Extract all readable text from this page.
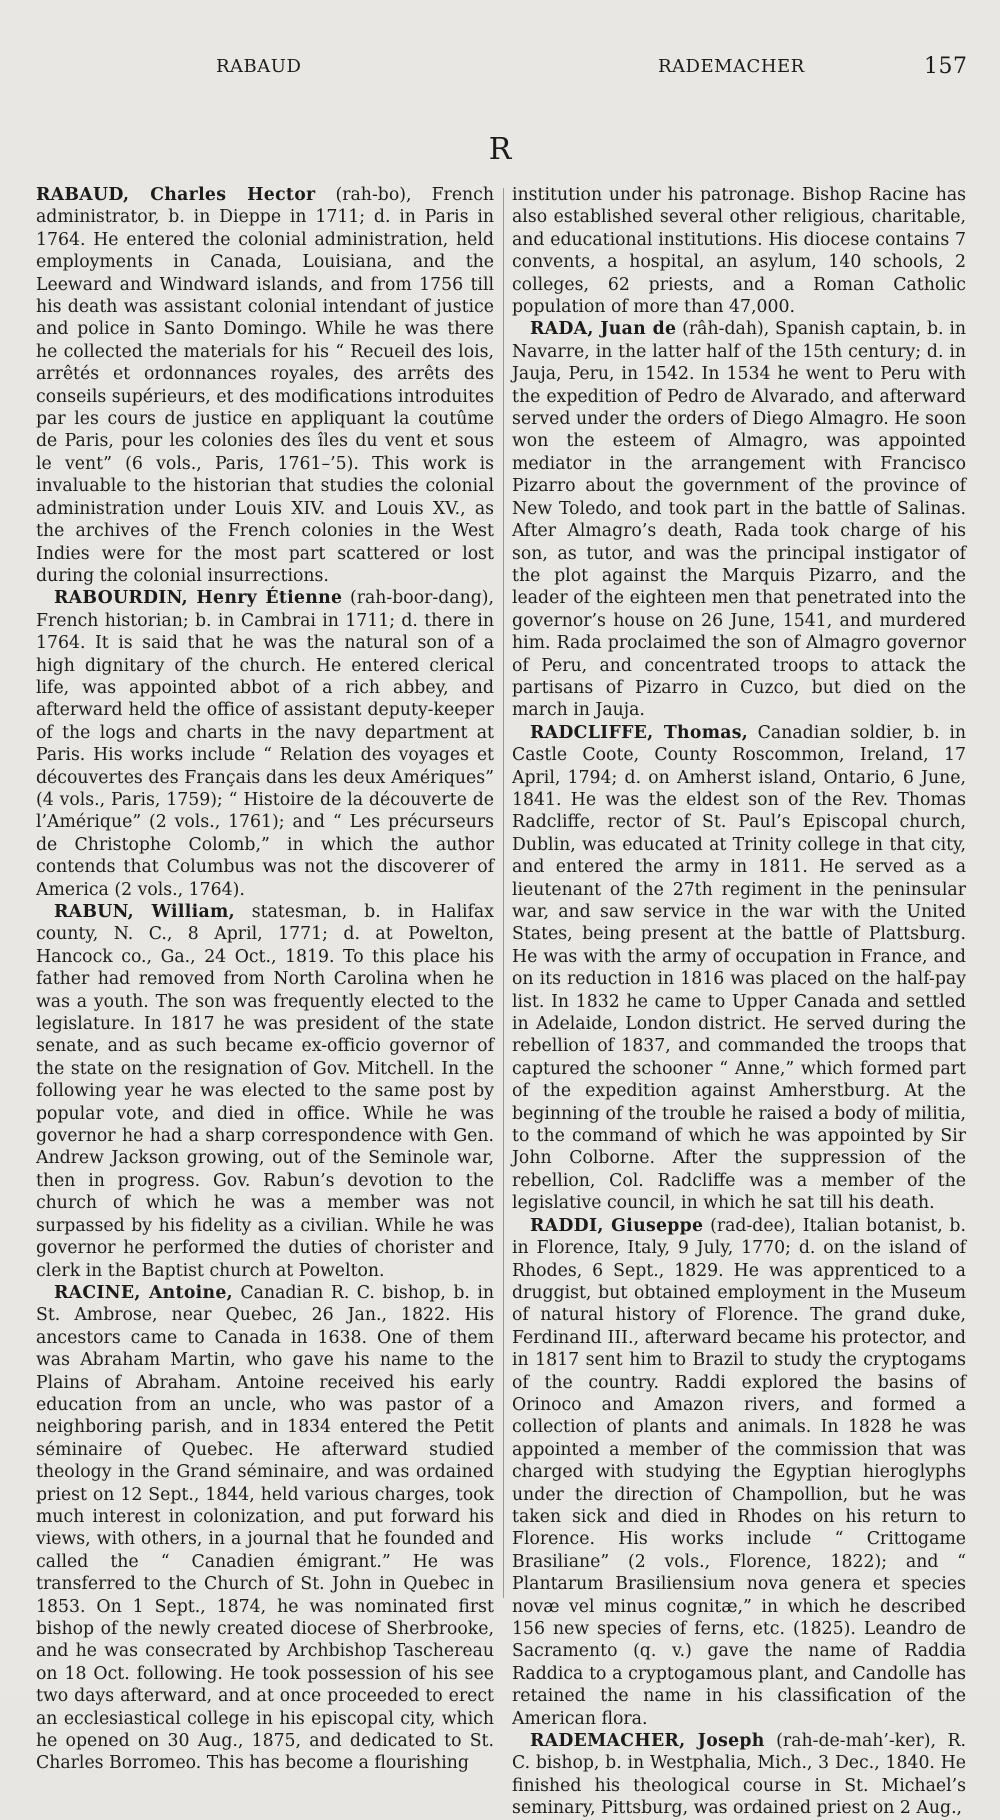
RABAUD	RADEMACHER	157
R

RABAUD, Charles Hector (rah-bo), French administrator, b. in Dieppe in 1711; d. in Paris in 1764. He entered the colonial administration, held employments in Canada, Louisiana, and the Leeward and Windward islands, and from 1756 till his death was assistant colonial intendant of justice and police in Santo Domingo. While he was there he collected the materials for his “ Recueil des lois, arrêtés et ordonnances royales, des arrêts des conseils supérieurs, et des modifications introduites par les cours de justice en appliquant la coutûme de Paris, pour les colonies des îles du vent et sous le vent” (6 vols., Paris, 1761–’5). This work is invaluable to the historian that studies the colonial administration under Louis XIV. and Louis XV., as the archives of the French colonies in the West Indies were for the most part scattered or lost during the colonial insurrections.

RABOURDIN, Henry Étienne (rah-boor-dang), French historian; b. in Cambrai in 1711; d. there in 1764. It is said that he was the natural son of a high dignitary of the church. He entered clerical life, was appointed abbot of a rich abbey, and afterward held the office of assistant deputy-keeper of the logs and charts in the navy department at Paris. His works include “ Relation des voyages et découvertes des Français dans les deux Amériques” (4 vols., Paris, 1759); “ Histoire de la découverte de l’Amérique” (2 vols., 1761); and “ Les précurseurs de Christophe Colomb,” in which the author contends that Columbus was not the discoverer of America (2 vols., 1764).

RABUN, William, statesman, b. in Halifax county, N. C., 8 April, 1771; d. at Powelton, Hancock co., Ga., 24 Oct., 1819. To this place his father had removed from North Carolina when he was a youth. The son was frequently elected to the legislature. In 1817 he was president of the state senate, and as such became ex-officio governor of the state on the resignation of Gov. Mitchell. In the following year he was elected to the same post by popular vote, and died in office. While he was governor he had a sharp correspondence with Gen. Andrew Jackson growing, out of the Seminole war, then in progress. Gov. Rabun’s devotion to the church of which he was a member was not surpassed by his fidelity as a civilian. While he was governor he performed the duties of chorister and clerk in the Baptist church at Powelton.

RACINE, Antoine, Canadian R. C. bishop, b. in St. Ambrose, near Quebec, 26 Jan., 1822. His ancestors came to Canada in 1638. One of them was Abraham Martin, who gave his name to the Plains of Abraham. Antoine received his early education from an uncle, who was pastor of a neighboring parish, and in 1834 entered the Petit séminaire of Quebec. He afterward studied theology in the Grand séminaire, and was ordained priest on 12 Sept., 1844, held various charges, took much interest in colonization, and put forward his views, with others, in a journal that he founded and called the “ Canadien émigrant.” He was transferred to the Church of St. John in Quebec in 1853. On 1 Sept., 1874, he was nominated first bishop of the newly created diocese of Sherbrooke, and he was consecrated by Archbishop Taschereau on 18 Oct. following. He took possession of his see two days afterward, and at once proceeded to erect an ecclesiastical college in his episcopal city, which he opened on 30 Aug., 1875, and dedicated to St. Charles Borromeo. This has become a flourishing

institution under his patronage. Bishop Racine has also established several other religious, charitable, and educational institutions. His diocese contains 7 convents, a hospital, an asylum, 140 schools, 2 colleges, 62 priests, and a Roman Catholic population of more than 47,000.

RADA, Juan de (râh-dah), Spanish captain, b. in Navarre, in the latter half of the 15th century; d. in Jauja, Peru, in 1542. In 1534 he went to Peru with the expedition of Pedro de Alvarado, and afterward served under the orders of Diego Almagro. He soon won the esteem of Almagro, was appointed mediator in the arrangement with Francisco Pizarro about the government of the province of New Toledo, and took part in the battle of Salinas. After Almagro’s death, Rada took charge of his son, as tutor, and was the principal instigator of the plot against the Marquis Pizarro, and the leader of the eighteen men that penetrated into the governor’s house on 26 June, 1541, and murdered him. Rada proclaimed the son of Almagro governor of Peru, and concentrated troops to attack the partisans of Pizarro in Cuzco, but died on the march in Jauja.

RADCLIFFE, Thomas, Canadian soldier, b. in Castle Coote, County Roscommon, Ireland, 17 April, 1794; d. on Amherst island, Ontario, 6 June, 1841. He was the eldest son of the Rev. Thomas Radcliffe, rector of St. Paul’s Episcopal church, Dublin, was educated at Trinity college in that city, and entered the army in 1811. He served as a lieutenant of the 27th regiment in the peninsular war, and saw service in the war with the United States, being present at the battle of Plattsburg. He was with the army of occupation in France, and on its reduction in 1816 was placed on the half-pay list. In 1832 he came to Upper Canada and settled in Adelaide, London district. He served during the rebellion of 1837, and commanded the troops that captured the schooner “ Anne,” which formed part of the expedition against Amherstburg. At the beginning of the trouble he raised a body of militia, to the command of which he was appointed by Sir John Colborne. After the suppression of the rebellion, Col. Radcliffe was a member of the legislative council, in which he sat till his death.

RADDI, Giuseppe (rad-dee), Italian botanist, b. in Florence, Italy, 9 July, 1770; d. on the island of Rhodes, 6 Sept., 1829. He was apprenticed to a druggist, but obtained employment in the Museum of natural history of Florence. The grand duke, Ferdinand III., afterward became his protector, and in 1817 sent him to Brazil to study the cryptogams of the country. Raddi explored the basins of Orinoco and Amazon rivers, and formed a collection of plants and animals. In 1828 he was appointed a member of the commission that was charged with studying the Egyptian hieroglyphs under the direction of Champollion, but he was taken sick and died in Rhodes on his return to Florence. His works include “ Crittogame Brasiliane” (2 vols., Florence, 1822); and “ Plantarum Brasiliensium nova genera et species novæ vel minus cognitæ,” in which he described 156 new species of ferns, etc. (1825). Leandro de Sacramento (q. v.) gave the name of Raddia Raddica to a cryptogamous plant, and Candolle has retained the name in his classification of the American flora.

RADEMACHER, Joseph (rah-de-mah’-ker), R. C. bishop, b. in Westphalia, Mich., 3 Dec., 1840. He finished his theological course in St. Michael’s seminary, Pittsburg, was ordained priest on 2 Aug.,
